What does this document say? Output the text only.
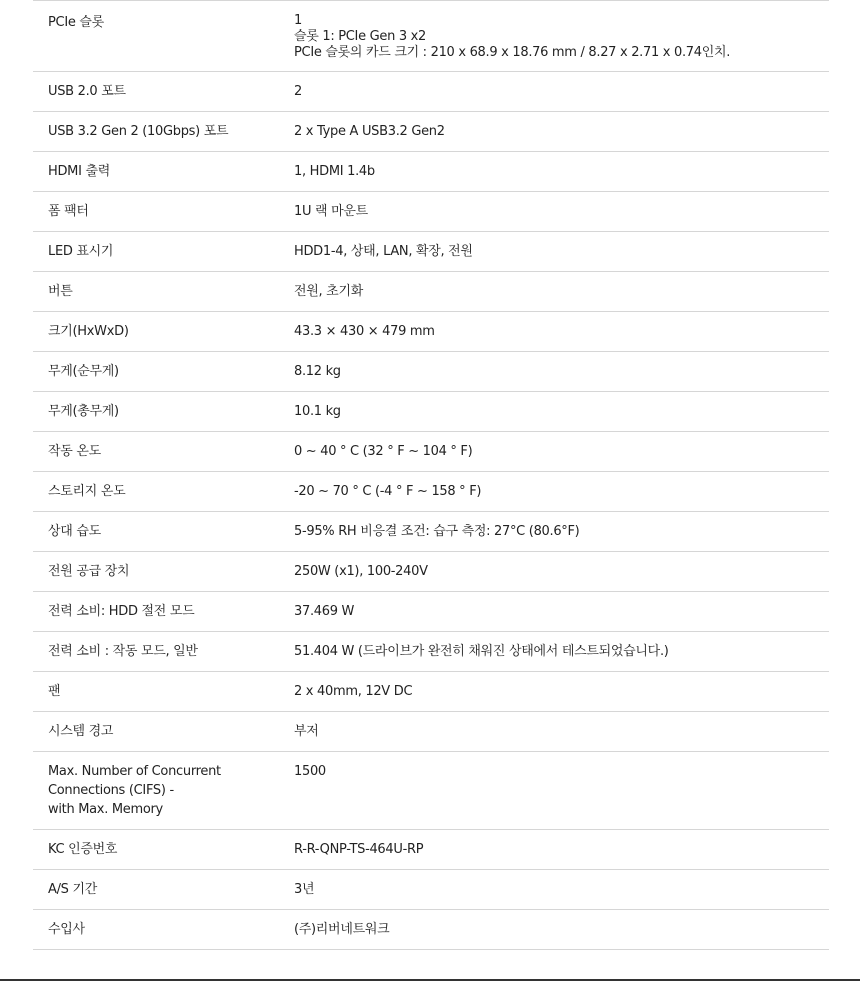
PCIe 슬롯	1
슬롯 1: PCIe Gen 3 x2
PCIe 슬롯의 카드 크기 : 210 x 68.9 x 18.76 mm / 8.27 x 2.71 x 0.74인치.

USB 2.0 포트	2

USB 3.2 Gen 2 (10Gbps) 포트	2 x Type A USB3.2 Gen2

HDMI 출력	1, HDMI 1.4b

폼 팩터	1U 랙 마운트

LED 표시기	HDD1-4, 상태, LAN, 확장, 전원

버튼	전원, 초기화

크기(HxWxD)	43.3 × 430 × 479 mm

무게(순무게)	8.12 kg

무게(총무게)	10.1 kg

작동 온도	0 ~ 40 ° C (32 ° F ~ 104 ° F)

스토리지 온도	-20 ~ 70 ° C (-4 ° F ~ 158 ° F)

상대 습도	5-95% RH 비응결 조건: 습구 측정: 27°C (80.6°F)

전원 공급 장치	250W (x1), 100-240V

전력 소비: HDD 절전 모드	37.469 W

전력 소비 : 작동 모드, 일반	51.404 W (드라이브가 완전히 채워진 상태에서 테스트되었습니다.)

팬	2 x 40mm, 12V DC

시스템 경고	부저

Max. Number of Concurrent
Connections (CIFS) -
with Max. Memory	1500

KC 인증번호	R-R-QNP-TS-464U-RP

A/S 기간	3년

수입사	(주)리버네트워크
